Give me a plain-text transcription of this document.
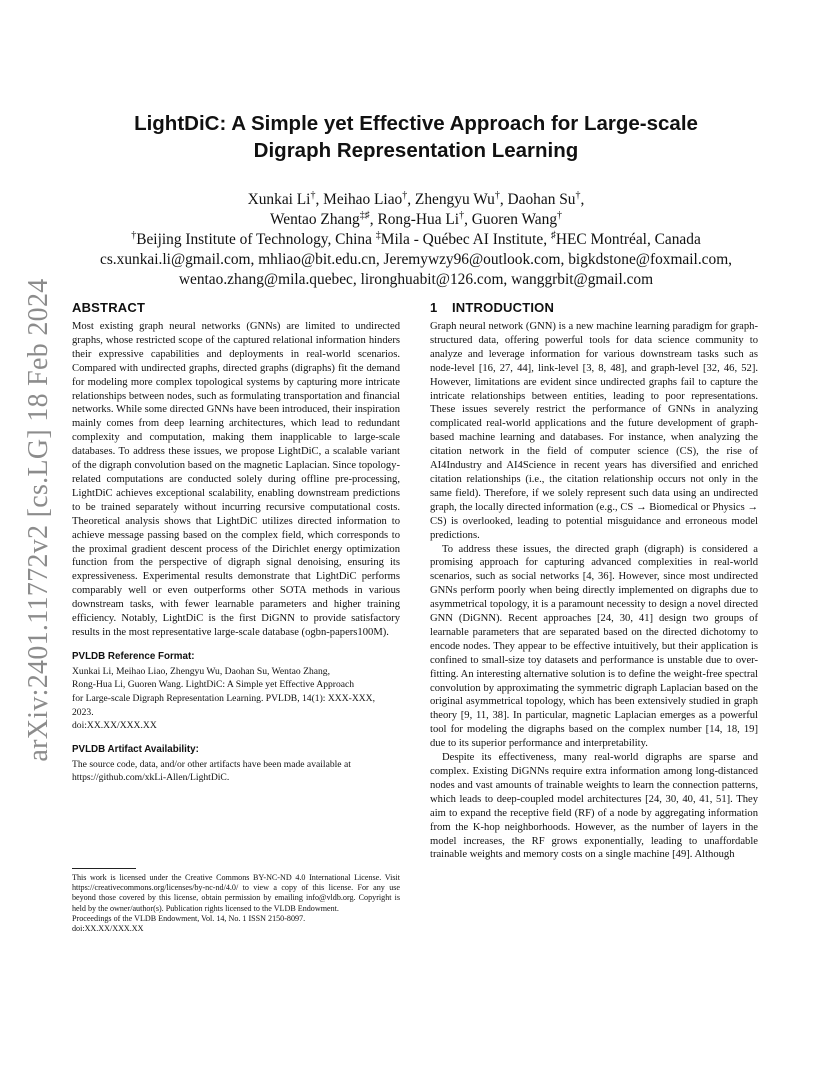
arXiv:2401.11772v2 [cs.LG] 18 Feb 2024
LightDiC: A Simple yet Effective Approach for Large-scale
Digraph Representation Learning
Xunkai Li†, Meihao Liao†, Zhengyu Wu†, Daohan Su†,
Wentao Zhang‡♯, Rong-Hua Li†, Guoren Wang†
†Beijing Institute of Technology, China ‡Mila - Québec AI Institute, ♯HEC Montréal, Canada
cs.xunkai.li@gmail.com, mhliao@bit.edu.cn, Jeremywzy96@outlook.com, bigkdstone@foxmail.com,
wentao.zhang@mila.quebec, lironghuabit@126.com, wanggrbit@gmail.com
ABSTRACT

Most existing graph neural networks (GNNs) are limited to undirected graphs, whose restricted scope of the captured relational information hinders their expressive capabilities and deployments in real-world scenarios. Compared with undirected graphs, directed graphs (digraphs) fit the demand for modeling more complex topological systems by capturing more intricate relationships between nodes, such as formulating transportation and financial networks. While some directed GNNs have been introduced, their inspiration mainly comes from deep learning architectures, which lead to redundant complexity and computation, making them inapplicable to large-scale databases. To address these issues, we propose LightDiC, a scalable variant of the digraph convolution based on the magnetic Laplacian. Since topology-related computations are conducted solely during offline pre-processing, LightDiC achieves exceptional scalability, enabling downstream predictions to be trained separately without incurring recursive computational costs. Theoretical analysis shows that LightDiC utilizes directed information to achieve message passing based on the complex field, which corresponds to the proximal gradient descent process of the Dirichlet energy optimization function from the perspective of digraph signal denoising, ensuring its expressiveness. Experimental results demonstrate that LightDiC performs comparably well or even outperforms other SOTA methods in various downstream tasks, with fewer learnable parameters and higher training efficiency. Notably, LightDiC is the first DiGNN to provide satisfactory results in the most representative large-scale database (ogbn-papers100M).

PVLDB Reference Format:
Xunkai Li, Meihao Liao, Zhengyu Wu, Daohan Su, Wentao Zhang,
Rong-Hua Li, Guoren Wang. LightDiC: A Simple yet Effective Approach
for Large-scale Digraph Representation Learning. PVLDB, 14(1): XXX-XXX,
2023.
doi:XX.XX/XXX.XX
PVLDB Artifact Availability:
The source code, data, and/or other artifacts have been made available at
https://github.com/xkLi-Allen/LightDiC.

This work is licensed under the Creative Commons BY-NC-ND 4.0 International License. Visit https://creativecommons.org/licenses/by-nc-nd/4.0/ to view a copy of this license. For any use beyond those covered by this license, obtain permission by emailing info@vldb.org. Copyright is held by the owner/author(s). Publication rights licensed to the VLDB Endowment.

Proceedings of the VLDB Endowment, Vol. 14, No. 1 ISSN 2150-8097.

doi:XX.XX/XXX.XX

1 INTRODUCTION

Graph neural network (GNN) is a new machine learning paradigm for graph-structured data, offering powerful tools for data science community to analyze and leverage information for various downstream tasks such as node-level [16, 27, 44], link-level [3, 8, 48], and graph-level [32, 46, 52]. However, limitations are evident since undirected graphs fail to capture the intricate relationships between entities, leading to poor representations. These issues severely restrict the performance of GNNs in analyzing complicated real-world applications and the future development of graph-based machine learning and databases. For instance, when analyzing the citation network in the field of computer science (CS), the rise of AI4Industry and AI4Science in recent years has diversified and enriched citation relationships (i.e., the citation relationship occurs not only in the same field). Therefore, if we solely represent such data using an undirected graph, the locally directed information (e.g., CS → Biomedical or Physics → CS) is overlooked, leading to potential misguidance and erroneous model predictions.

To address these issues, the directed graph (digraph) is considered a promising approach for capturing advanced complexities in real-world scenarios, such as social networks [4, 36]. However, since most undirected GNNs perform poorly when being directly implemented on digraphs due to asymmetrical topology, it is a paramount necessity to design a novel directed GNN (DiGNN). Recent approaches [24, 30, 41] design two groups of learnable parameters that are separated based on the directed dichotomy to encode nodes. They appear to be effective intuitively, but their application is confined to small-size toy datasets and performance is unstable due to over-fitting. An interesting alternative solution is to define the weight-free spectral convolution by approximating the symmetric digraph Laplacian based on the original asymmetrical topology, which has been extensively studied in graph theory [9, 11, 38]. In particular, magnetic Laplacian emerges as a powerful tool for modeling the digraphs based on the complex number [14, 18, 19] due to its superior performance and interpretability.

Despite its effectiveness, many real-world digraphs are sparse and complex. Existing DiGNNs require extra information among long-distanced nodes and vast amounts of trainable weights to learn the connection patterns, which leads to deep-coupled model architectures [24, 30, 40, 41, 51]. They aim to expand the receptive field (RF) of a node by aggregating information from the K-hop neighborhoods. However, as the number of layers in the model increases, the RF grows exponentially, leading to unaffordable trainable weights and memory costs on a single machine [49]. Although
